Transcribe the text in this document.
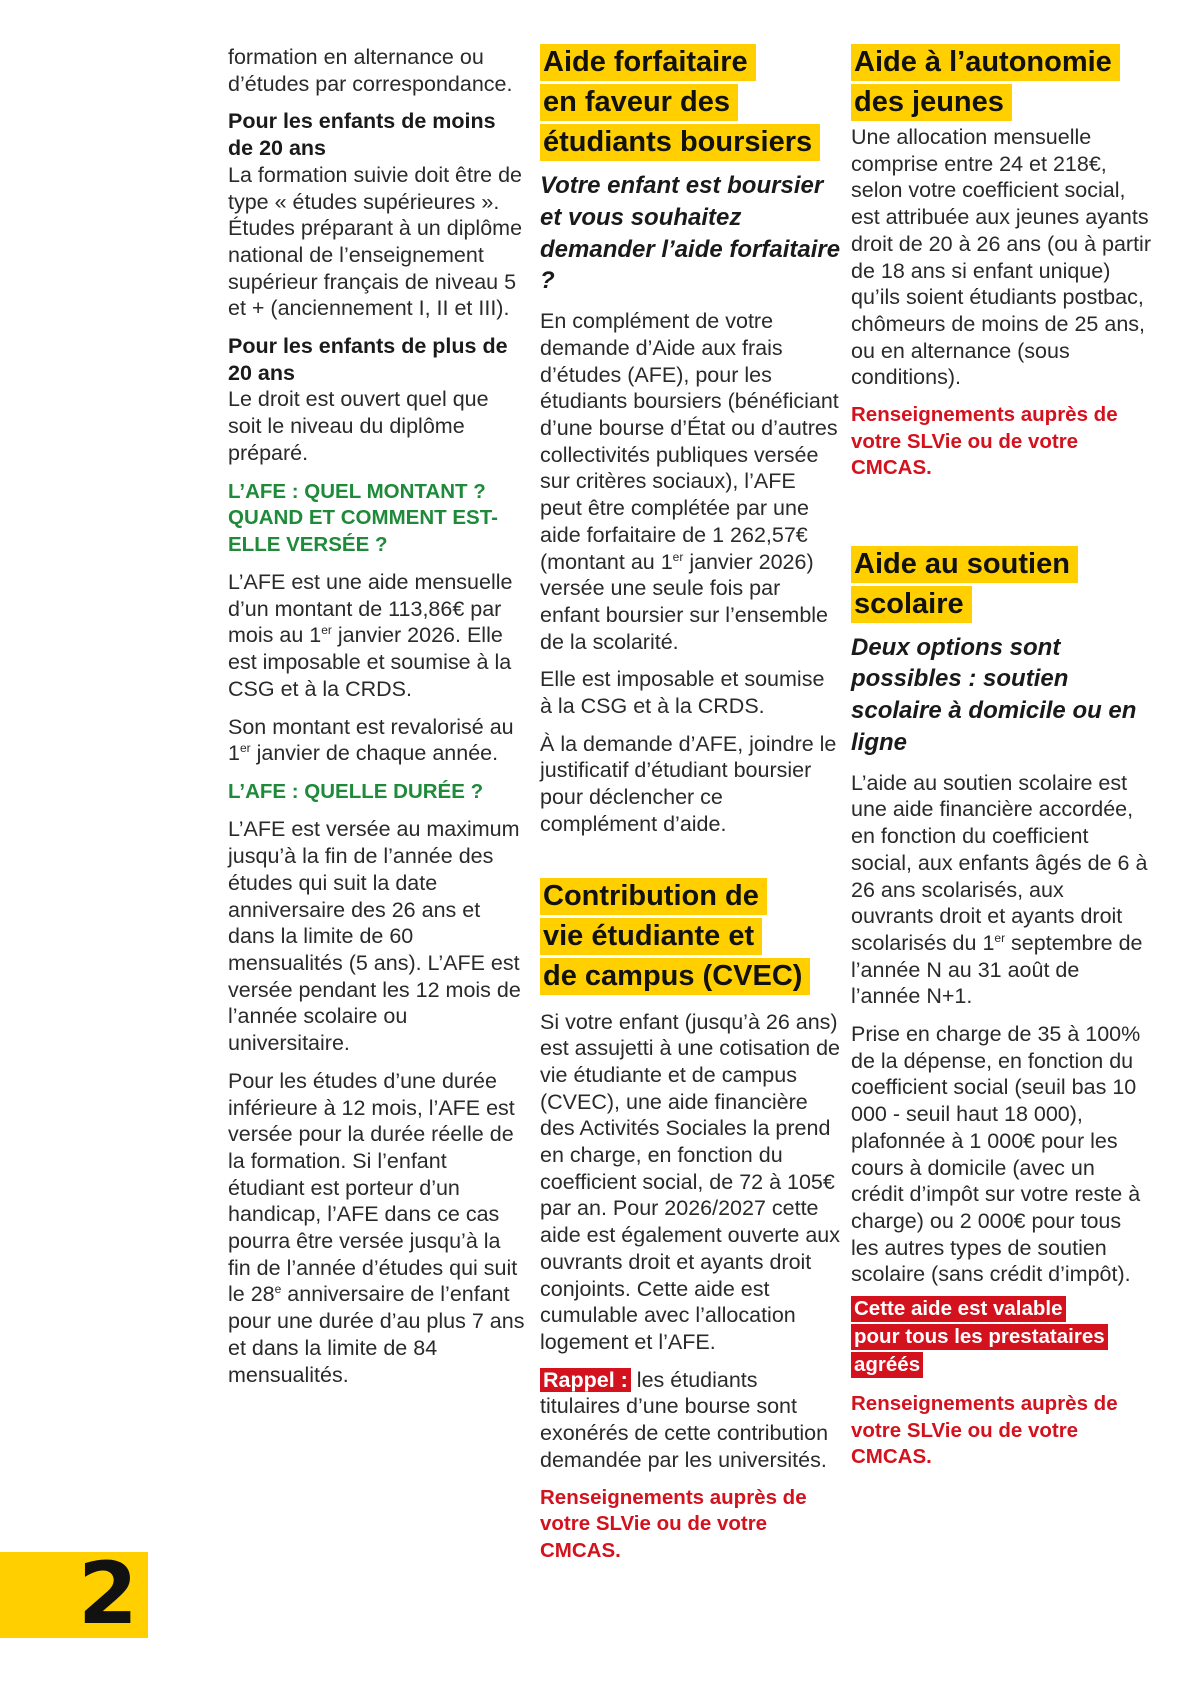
formation en alternance ou
d’études par correspondance.

Pour les enfants de moins de 20 ans

La formation suivie doit être de type « études supérieures ». Études préparant à un diplôme national de l’enseignement supérieur français de niveau 5 et + (anciennement I, II et III).

Pour les enfants de plus de 20 ans

Le droit est ouvert quel que soit le niveau du diplôme préparé.

L’AFE : QUEL MONTANT ? QUAND ET COMMENT EST-ELLE VERSÉE ?

L’AFE est une aide mensuelle d’un montant de 113,86€ par mois au 1er janvier 2026. Elle est imposable et soumise à la CSG et à la CRDS.

Son montant est revalorisé au 1er janvier de chaque année.

L’AFE : QUELLE DURÉE ?

L’AFE est versée au maximum jusqu’à la fin de l’année des études qui suit la date anniversaire des 26 ans et dans la limite de 60 mensualités (5 ans). L’AFE est versée pendant les 12 mois de l’année scolaire ou universitaire.

Pour les études d’une durée inférieure à 12 mois, l’AFE est versée pour la durée réelle de la formation. Si l’enfant étudiant est porteur d’un handicap, l’AFE dans ce cas pourra être versée jusqu’à la fin de l’année d’études qui suit le 28e anniversaire de l’enfant pour une durée d’au plus 7 ans et dans la limite de 84 mensualités.

Aide forfaitaire
en faveur des
étudiants boursiers

Votre enfant est boursier et vous souhaitez demander l’aide forfaitaire ?

En complément de votre demande d’Aide aux frais d’études (AFE), pour les étudiants boursiers (bénéficiant d’une bourse d’État ou d’autres collectivités publiques versée sur critères sociaux), l’AFE peut être complétée par une aide forfaitaire de 1 262,57€ (montant au 1er janvier 2026) versée une seule fois par enfant boursier sur l’ensemble de la scolarité.

Elle est imposable et soumise à la CSG et à la CRDS.

À la demande d’AFE, joindre le justificatif d’étudiant boursier pour déclencher ce complément d’aide.

Contribution de
vie étudiante et
de campus (CVEC)

Si votre enfant (jusqu’à 26 ans) est assujetti à une cotisation de vie étudiante et de campus (CVEC), une aide financière des Activités Sociales la prend en charge, en fonction du coefficient social, de 72 à 105€ par an. Pour 2026/2027 cette aide est également ouverte aux ouvrants droit et ayants droit conjoints. Cette aide est cumulable avec l’allocation logement et l’AFE.

Rappel : les étudiants titulaires d’une bourse sont exonérés de cette contribution demandée par les universités.

Renseignements auprès de votre SLVie ou de votre CMCAS.

Aide à l’autonomie
des jeunes

Une allocation mensuelle comprise entre 24 et 218€, selon votre coefficient social, est attribuée aux jeunes ayants droit de 20 à 26 ans (ou à partir de 18 ans si enfant unique) qu’ils soient étudiants postbac, chômeurs de moins de 25 ans, ou en alternance (sous conditions).

Renseignements auprès de votre SLVie ou de votre CMCAS.

Aide au soutien
scolaire

Deux options sont possibles : soutien scolaire à domicile ou en ligne

L’aide au soutien scolaire est une aide financière accordée, en fonction du coefficient social, aux enfants âgés de 6 à 26 ans scolarisés, aux ouvrants droit et ayants droit scolarisés du 1er septembre de l’année N au 31 août de l’année N+1.

Prise en charge de 35 à 100% de la dépense, en fonction du coefficient social (seuil bas 10 000 - seuil haut 18 000), plafonnée à 1 000€ pour les cours à domicile (avec un crédit d’impôt sur votre reste à charge) ou 2 000€ pour tous les autres types de soutien scolaire (sans crédit d’impôt).

Cette aide est valable
pour tous les prestataires
agréés

Renseignements auprès de votre SLVie ou de votre CMCAS.

2
